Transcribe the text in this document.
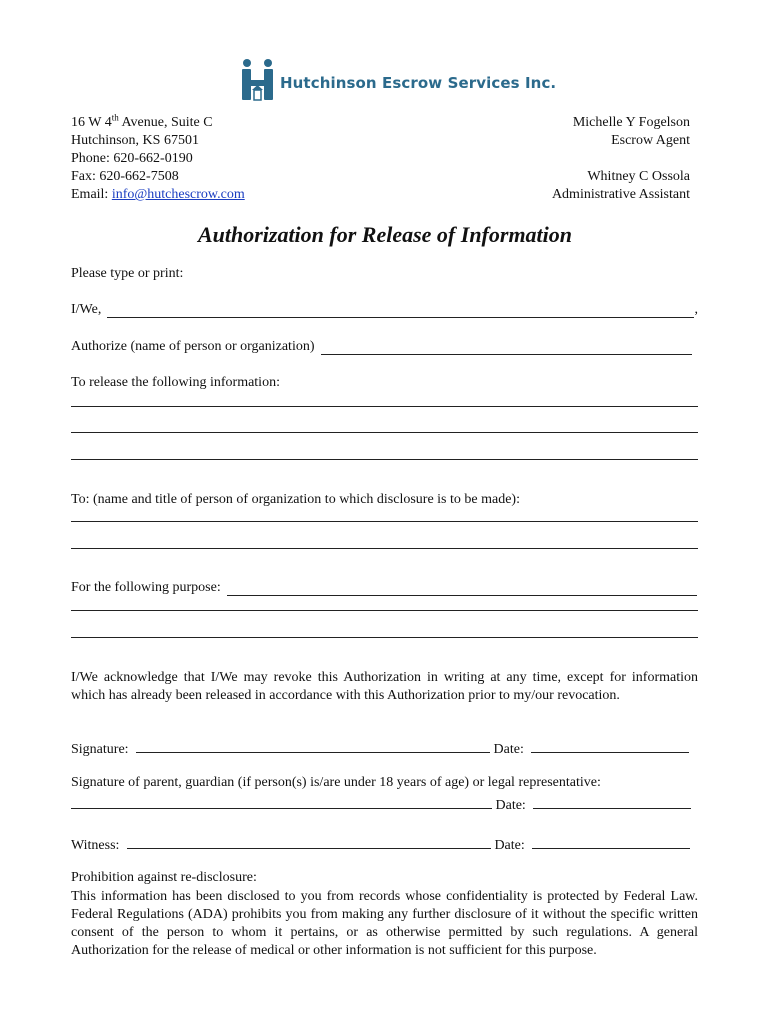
Hutchinson Escrow Services Inc.
16 W 4th Avenue, Suite C
Hutchinson, KS 67501
Phone: 620-662-0190
Fax: 620-662-7508
Email: info@hutchescrow.com
Michelle Y Fogelson
Escrow Agent
Whitney C Ossola
Administrative Assistant
Authorization for Release of Information
Please type or print:
I/We,	,
Authorize (name of person or organization)
To release the following information:
To: (name and title of person of organization to which disclosure is to be made):
For the following purpose:
I/We acknowledge that I/We may revoke this Authorization in writing at any time, except for information which has already been released in accordance with this Authorization prior to my/our revocation.
Signature:	Date:
Signature of parent, guardian (if person(s) is/are under 18 years of age) or legal representative:
Date:
Witness:	Date:
Prohibition against re-disclosure:
This information has been disclosed to you from records whose confidentiality is protected by Federal Law. Federal Regulations (ADA) prohibits you from making any further disclosure of it without the specific written consent of the person to whom it pertains, or as otherwise permitted by such regulations. A general Authorization for the release of medical or other information is not sufficient for this purpose.
